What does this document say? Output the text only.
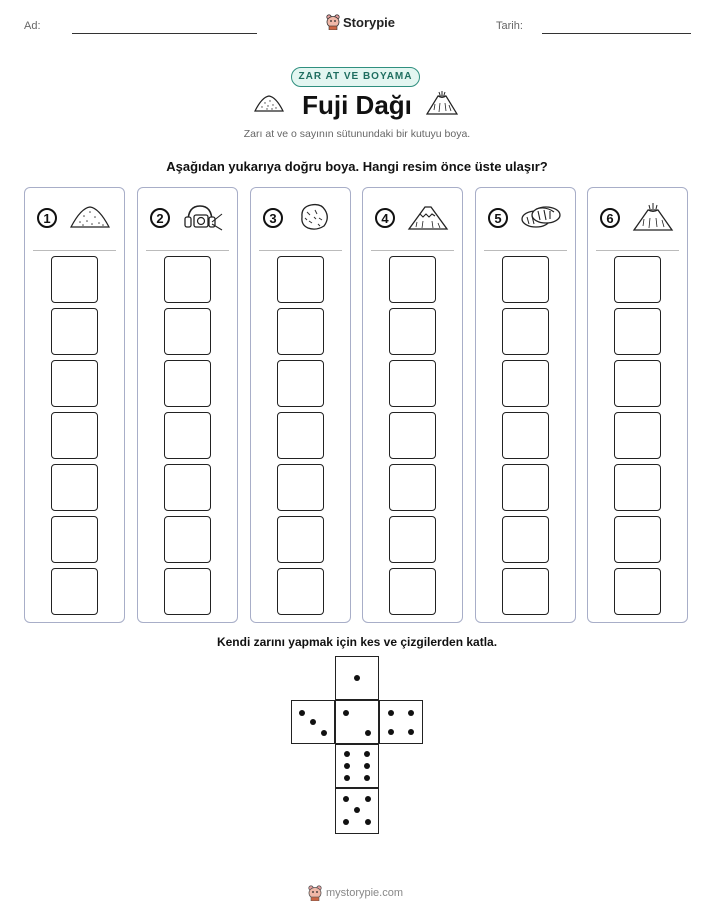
Ad:	Storypie	Tarih:
ZAR AT VE BOYAMA
Fuji Dağı
Zarı at ve o sayının sütunundaki bir kutuyu boya.
Aşağıdan yukarıya doğru boya. Hangi resim önce üste ulaşır?
1	2	3	4	5	6
Kendi zarını yapmak için kes ve çizgilerden katla.
mystorypie.com
